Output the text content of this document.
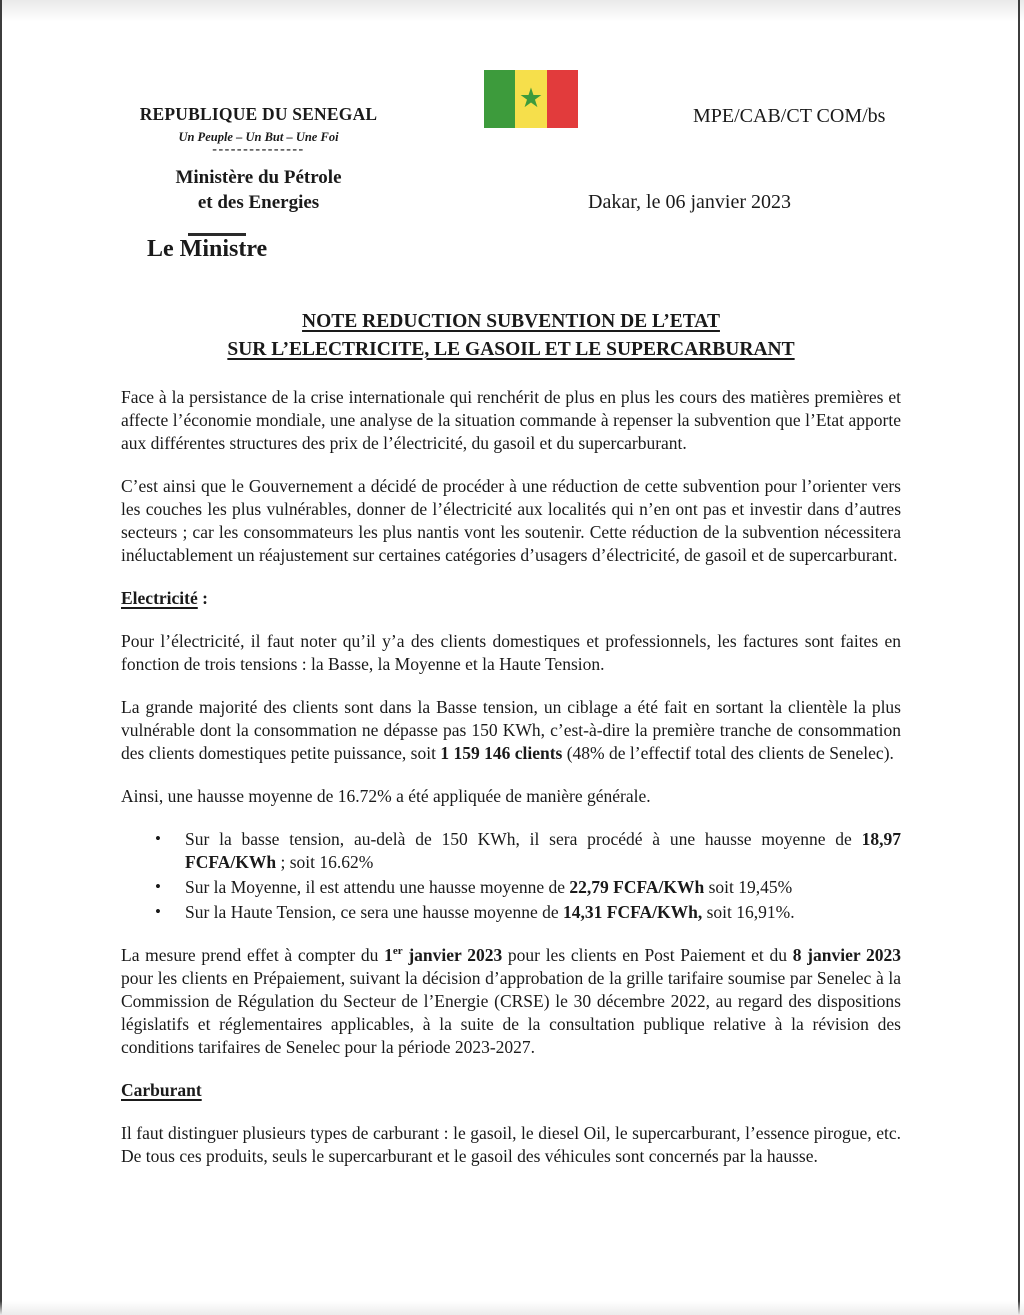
REPUBLIQUE DU SENEGAL
Un Peuple – Un But – Une Foi
---------------
Ministère du Pétrole
et des Energies
Le Ministre
★
MPE/CAB/CT COM/bs
Dakar, le 06 janvier 2023
NOTE REDUCTION SUBVENTION DE L’ETAT
SUR L’ELECTRICITE, LE GASOIL ET LE SUPERCARBURANT

Face à la persistance de la crise internationale qui renchérit de plus en plus les cours des matières premières et affecte l’économie mondiale, une analyse de la situation commande à repenser la subvention que l’Etat apporte aux différentes structures des prix de l’électricité, du gasoil et du supercarburant.

C’est ainsi que le Gouvernement a décidé de procéder à une réduction de cette subvention pour l’orienter vers les couches les plus vulnérables, donner de l’électricité aux localités qui n’en ont pas et investir dans d’autres secteurs ; car les consommateurs les plus nantis vont les soutenir. Cette réduction de la subvention nécessitera inéluctablement un réajustement sur certaines catégories d’usagers d’électricité, de gasoil et de supercarburant.

Electricité :

Pour l’électricité, il faut noter qu’il y’a des clients domestiques et professionnels, les factures sont faites en fonction de trois tensions : la Basse, la Moyenne et la Haute Tension.

La grande majorité des clients sont dans la Basse tension, un ciblage a été fait en sortant la clientèle la plus vulnérable dont la consommation ne dépasse pas 150 KWh, c’est-à-dire la première tranche de consommation des clients domestiques petite puissance, soit 1 159 146 clients (48% de l’effectif total des clients de Senelec).

Ainsi, une hausse moyenne de 16.72% a été appliquée de manière générale.

• Sur la basse tension, au-delà de 150 KWh, il sera procédé à une hausse moyenne de 18,97 FCFA/KWh ; soit 16.62%
• Sur la Moyenne, il est attendu une hausse moyenne de 22,79 FCFA/KWh soit 19,45%
• Sur la Haute Tension, ce sera une hausse moyenne de 14,31 FCFA/KWh, soit 16,91%.

La mesure prend effet à compter du 1er janvier 2023 pour les clients en Post Paiement et du 8 janvier 2023 pour les clients en Prépaiement, suivant la décision d’approbation de la grille tarifaire soumise par Senelec à la Commission de Régulation du Secteur de l’Energie (CRSE) le 30 décembre 2022, au regard des dispositions législatifs et réglementaires applicables, à la suite de la consultation publique relative à la révision des conditions tarifaires de Senelec pour la période 2023-2027.

Carburant

Il faut distinguer plusieurs types de carburant : le gasoil, le diesel Oil, le supercarburant, l’essence pirogue, etc. De tous ces produits, seuls le supercarburant et le gasoil des véhicules sont concernés par la hausse.
